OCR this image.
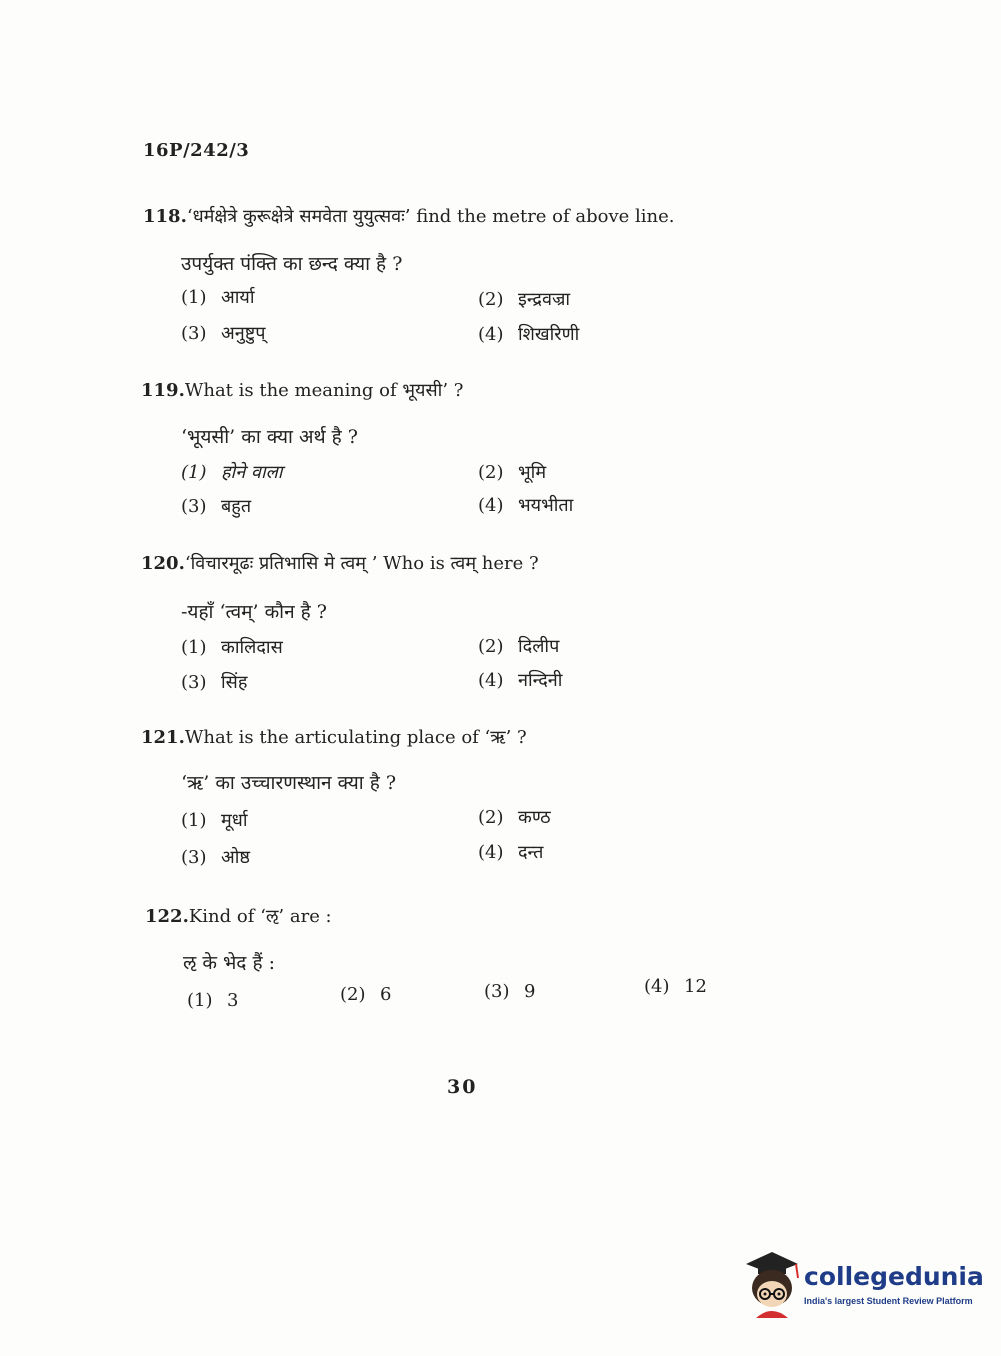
16P/242/3
118.‘धर्मक्षेत्रे कुरूक्षेत्रे समवेता युयुत्सवः’ find the metre of above line.
उपर्युक्त पंक्ति का छन्द क्या है ?
(1) आर्या	(2) इन्द्रवज्रा
(3) अनुष्टुप्	(4) शिखरिणी
119.What is the meaning of भूयसी’ ?
‘भूयसी’ का क्या अर्थ है ?
(1) होने वाला	(2) भूमि
(3) बहुत	(4) भयभीता
120.‘विचारमूढः प्रतिभासि मे त्वम् ’ Who is त्वम् here ?
-यहाँ ‘त्वम्’ कौन है ?
(1) कालिदास	(2) दिलीप
(3) सिंह	(4) नन्दिनी
121.What is the articulating place of ‘ऋ’ ?
‘ऋ’ का उच्चारणस्थान क्या है ?
(1) मूर्धा	(2) कण्ठ
(3) ओष्ठ	(4) दन्त
122.Kind of ‘ऌ’ are :
ऌ के भेद हैं :
(1) 3	(2) 6	(3) 9	(4) 12
30
collegedunia
India's largest Student Review Platform
